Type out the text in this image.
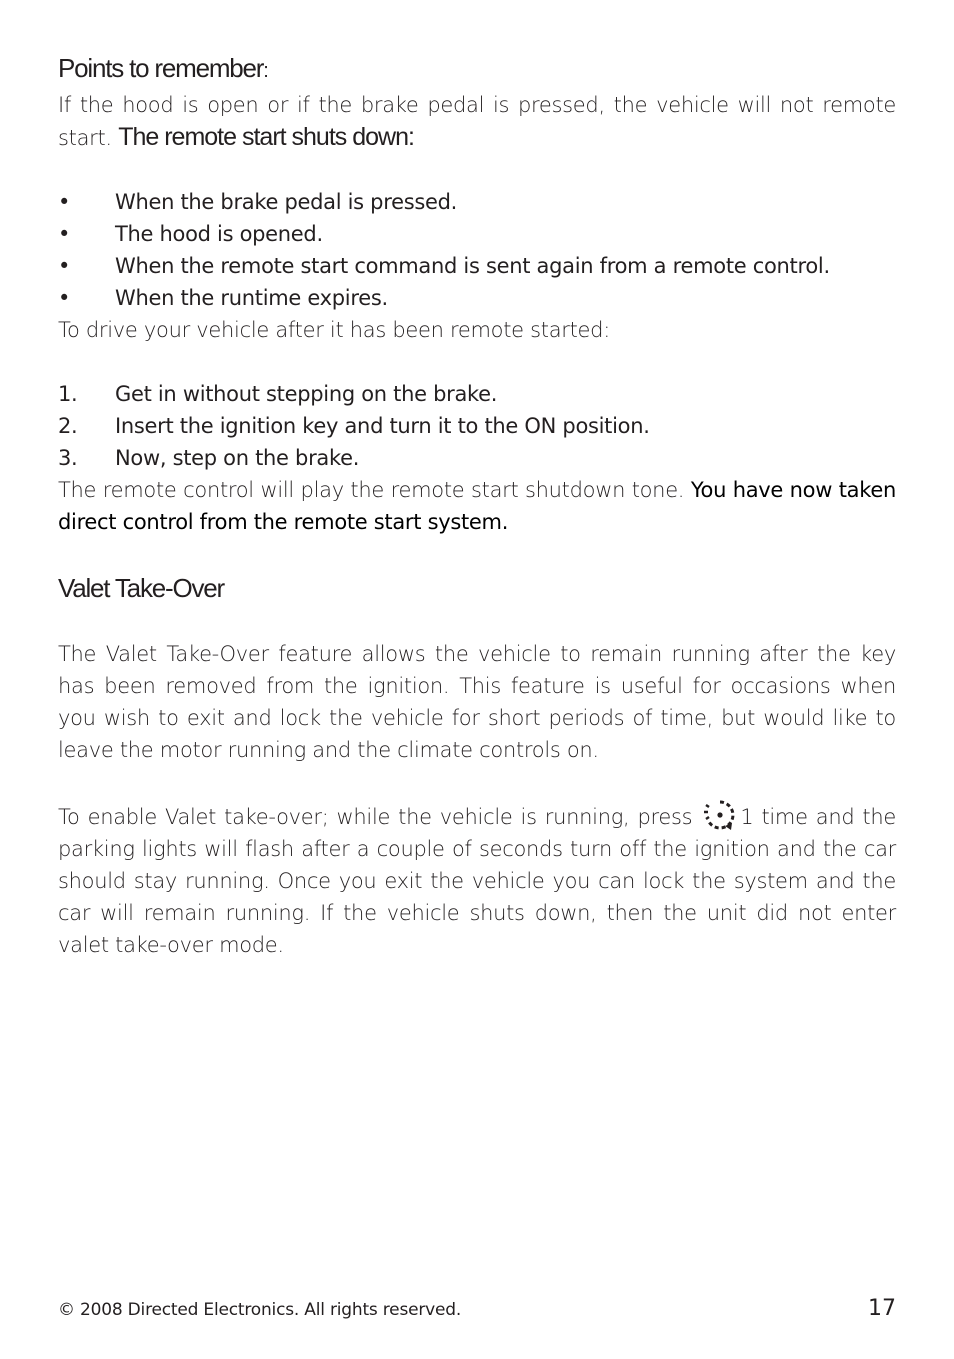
Points to remember:

If the hood is open or if the brake pedal is pressed, the vehicle will not remote start. The remote start shuts down:

•	When the brake pedal is pressed.
•	The hood is opened.
•	When the remote start command is sent again from a remote control.
•	When the runtime expires.

To drive your vehicle after it has been remote started:

1.	Get in without stepping on the brake.
2.	Insert the ignition key and turn it to the ON position.
3.	Now, step on the brake.

The remote control will play the remote start shutdown tone. You have now taken direct control from the remote start system.

Valet Take-Over

The Valet Take-Over feature allows the vehicle to remain running after the key has been removed from the ignition. This feature is useful for occasions when you wish to exit and lock the vehicle for short periods of time, but would like to leave the motor running and the climate controls on.

To enable Valet take-over; while the vehicle is running, press 1 time and the parking lights will flash after a couple of seconds turn off the ignition and the car should stay running. Once you exit the vehicle you can lock the system and the car will remain running. If the vehicle shuts down, then the unit did not enter valet take-over mode.

© 2008 Directed Electronics. All rights reserved.	17
